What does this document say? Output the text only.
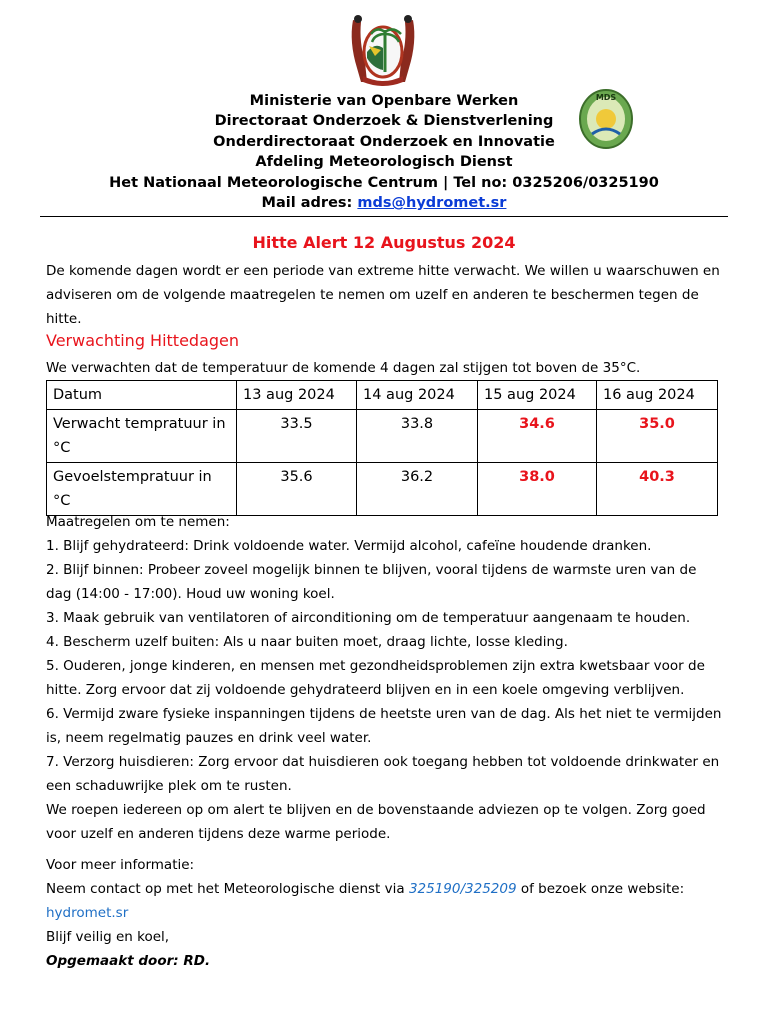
MDS
Ministerie van Openbare Werken
Directoraat Onderzoek & Dienstverlening
Onderdirectoraat Onderzoek en Innovatie
Afdeling Meteorologisch Dienst
Het Nationaal Meteorologische Centrum | Tel no: 0325206/0325190
Mail adres: mds@hydromet.sr
Hitte Alert 12 Augustus 2024
De komende dagen wordt er een periode van extreme hitte verwacht. We willen u waarschuwen en adviseren om de volgende maatregelen te nemen om uzelf en anderen te beschermen tegen de hitte.
Verwachting Hittedagen
We verwachten dat de temperatuur de komende 4 dagen zal stijgen tot boven de 35°C.
Datum	13 aug 2024	14 aug 2024	15 aug 2024	16 aug 2024
Verwacht tempratuur in °C	33.5	33.8	34.6	35.0
Gevoelstempratuur in °C	35.6	36.2	38.0	40.3

Maatregelen om te nemen:

1. Blijf gehydrateerd: Drink voldoende water. Vermijd alcohol, cafeïne houdende dranken.

2. Blijf binnen: Probeer zoveel mogelijk binnen te blijven, vooral tijdens de warmste uren van de dag (14:00 - 17:00). Houd uw woning koel.

3. Maak gebruik van ventilatoren of airconditioning om de temperatuur aangenaam te houden.

4. Bescherm uzelf buiten: Als u naar buiten moet, draag lichte, losse kleding.

5. Ouderen, jonge kinderen, en mensen met gezondheidsproblemen zijn extra kwetsbaar voor de hitte. Zorg ervoor dat zij voldoende gehydrateerd blijven en in een koele omgeving verblijven.

6. Vermijd zware fysieke inspanningen tijdens de heetste uren van de dag. Als het niet te vermijden is, neem regelmatig pauzes en drink veel water.

7. Verzorg huisdieren: Zorg ervoor dat huisdieren ook toegang hebben tot voldoende drinkwater en een schaduwrijke plek om te rusten.

We roepen iedereen op om alert te blijven en de bovenstaande adviezen op te volgen. Zorg goed voor uzelf en anderen tijdens deze warme periode.

Voor meer informatie:

Neem contact op met het Meteorologische dienst via 325190/325209 of bezoek onze website: hydromet.sr

Blijf veilig en koel,

Opgemaakt door: RD.
